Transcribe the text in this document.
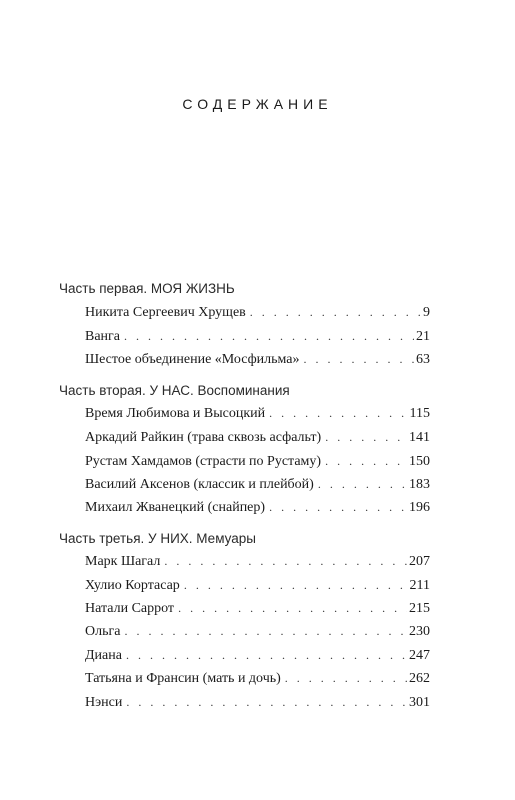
СОДЕРЖАНИЕ
Часть первая. МОЯ ЖИЗНЬ
Никита Сергеевич Хрущев . . .	9
Ванга . . .	21
Шестое объединение «Мосфильма» . . .	63
Часть вторая. У НАС. Воспоминания
Время Любимова и Высоцкий . . .	115
Аркадий Райкин (трава сквозь асфальт) . . .	141
Рустам Хамдамов (страсти по Рустаму) . . .	150
Василий Аксенов (классик и плейбой) . . .	183
Михаил Жванецкий (снайпер) . . .	196
Часть третья. У НИХ. Мемуары
Марк Шагал . . .	207
Хулио Кортасар . . .	211
Натали Саррот . . .	215
Ольга . . .	230
Диана . . .	247
Татьяна и Франсин (мать и дочь) . . .	262
Нэнси . . .	301
